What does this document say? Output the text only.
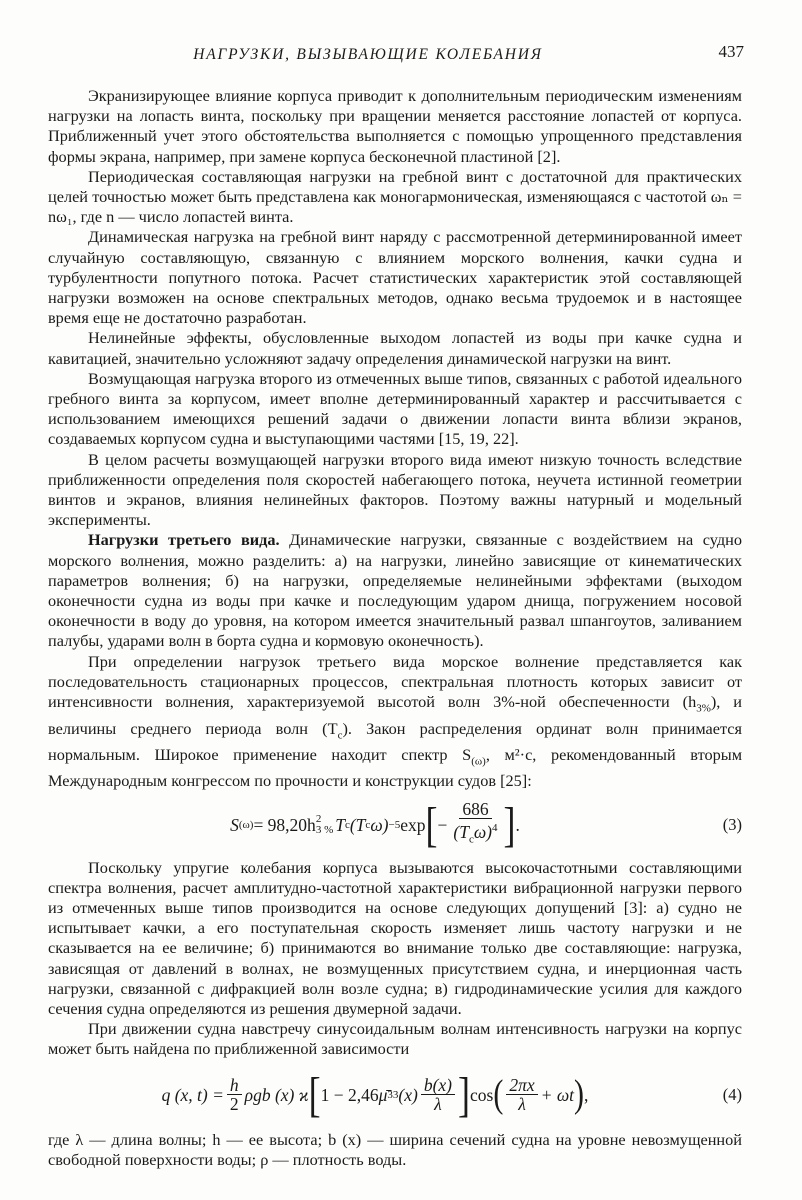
НАГРУЗКИ, ВЫЗЫВАЮЩИЕ КОЛЕБАНИЯ	437

Экранизирующее влияние корпуса приводит к дополнительным периодическим изменениям нагрузки на лопасть винта, поскольку при вращении меняется расстояние лопастей от корпуса. Приближенный учет этого обстоятельства выполняется с помощью упрощенного представления формы экрана, например, при замене корпуса бесконечной пластиной [2].

Периодическая составляющая нагрузки на гребной винт с достаточной для практических целей точностью может быть представлена как моногармоническая, изменяющаяся с частотой ωₙ = nω₁, где n — число лопастей винта.

Динамическая нагрузка на гребной винт наряду с рассмотренной детерминированной имеет случайную составляющую, связанную с влиянием морского волнения, качки судна и турбулентности попутного потока. Расчет статистических характеристик этой составляющей нагрузки возможен на основе спектральных методов, однако весьма трудоемок и в настоящее время еще не достаточно разработан.

Нелинейные эффекты, обусловленные выходом лопастей из воды при качке судна и кавитацией, значительно усложняют задачу определения динамической нагрузки на винт.

Возмущающая нагрузка второго из отмеченных выше типов, связанных с работой идеального гребного винта за корпусом, имеет вполне детерминированный характер и рассчитывается с использованием имеющихся решений задачи о движении лопасти винта вблизи экранов, создаваемых корпусом судна и выступающими частями [15, 19, 22].

В целом расчеты возмущающей нагрузки второго вида имеют низкую точность вследствие приближенности определения поля скоростей набегающего потока, неучета истинной геометрии винтов и экранов, влияния нелинейных факторов. Поэтому важны натурный и модельный эксперименты.

Нагрузки третьего вида. Динамические нагрузки, связанные с воздействием на судно морского волнения, можно разделить: а) на нагрузки, линейно зависящие от кинематических параметров волнения; б) на нагрузки, определяемые нелинейными эффектами (выходом оконечности судна из воды при качке и последующим ударом днища, погружением носовой оконечности в воду до уровня, на котором имеется значительный развал шпангоутов, заливанием палубы, ударами волн в борта судна и кормовую оконечность).

При определении нагрузок третьего вида морское волнение представляется как последовательность стационарных процессов, спектральная плотность которых зависит от интенсивности волнения, характеризуемой высотой волн 3%-ной обеспеченности $(h_{3\%})$, и величины среднего периода волн $(T_с)$. Закон распределения ординат волн принимается нормальным. Широкое применение находит спектр $S_{(\omega)}$, м²·с, рекомендованный вторым Международным конгрессом по прочности и конструкции судов [25]:

S (ω) = 98,20h 2
3 % T с (T с ω) −5 exp [ − $\frac{686}{(T_с\omega)^4}$ ] .	(3)

Поскольку упругие колебания корпуса вызываются высокочастотными составляющими спектра волнения, расчет амплитудно-частотной характеристики вибрационной нагрузки первого из отмеченных выше типов производится на основе следующих допущений [3]: а) судно не испытывает качки, а его поступательная скорость изменяет лишь частоту нагрузки и не сказывается на ее величине; б) принимаются во внимание только две составляющие: нагрузка, зависящая от давлений в волнах, не возмущенных присутствием судна, и инерционная часть нагрузки, связанной с дифракцией волн возле судна; в) гидродинамические усилия для каждого сечения судна определяются из решения двумерной задачи.

При движении судна навстречу синусоидальным волнам интенсивность нагрузки на корпус может быть найдена по приближенной зависимости

q (x, $t) = \frac{h}{2}$ ρgb (x) ϰ [ 1 − 2,46 μ̄ 33 $(x) \frac{b(x)}{\lambda}$ ] cos ( $\frac{2\pi x}{\lambda} + \omega t$ ) ,	(4)

где λ — длина волны; h — ее высота; b (x) — ширина сечений судна на уровне невозмущенной свободной поверхности воды; ρ — плотность воды.
